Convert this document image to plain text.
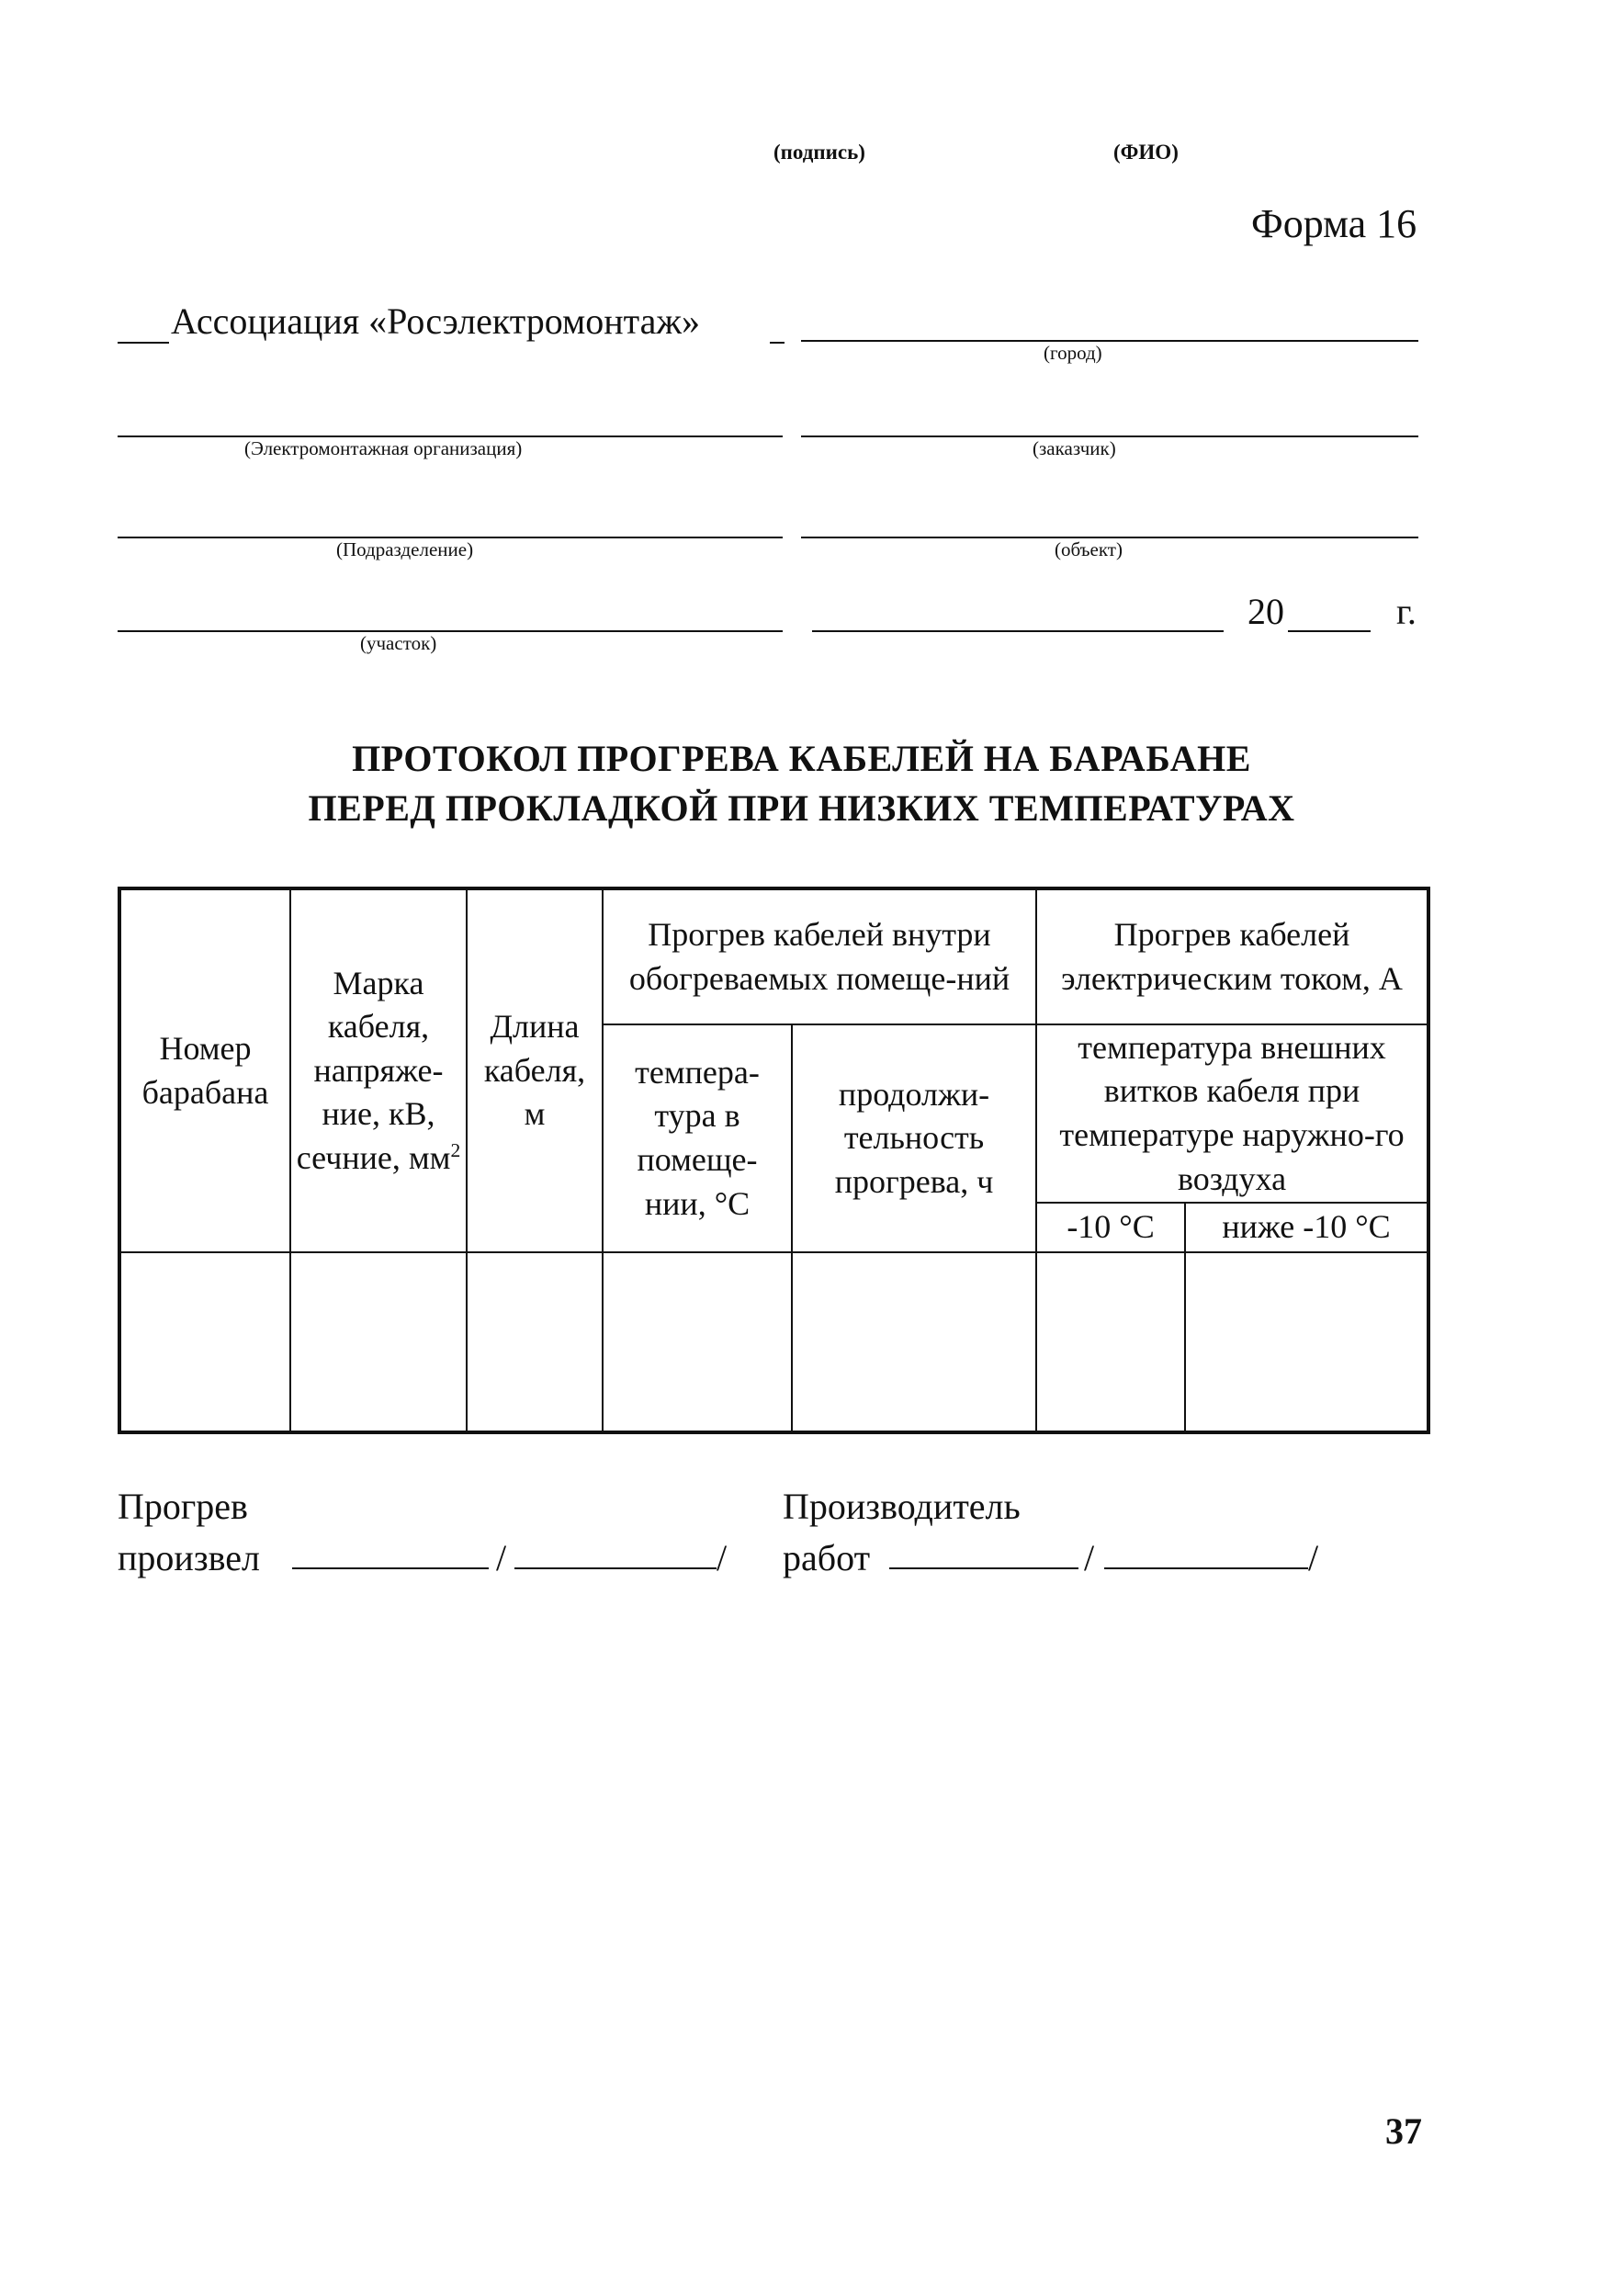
(подпись)	(ФИО)
Форма 16
Ассоциация «Росэлектромонтаж»
(город)
(Электромонтажная организация)	(заказчик)
(Подразделение)	(объект)
(участок)
20	г.
ПРОТОКОЛ ПРОГРЕВА КАБЕЛЕЙ НА БАРАБАНЕ
ПЕРЕД ПРОКЛАДКОЙ ПРИ НИЗКИХ ТЕМПЕРАТУРАХ
Номер барабана	Марка кабеля, напряже-ние, кВ, сечние, $мм^2$	Длина кабеля, м	Прогрев кабелей внутри обогреваемых помеще-ний		Прогрев кабелей электрическим током, А	
			темпера-тура в помеще-нии, °С	продолжи-тельность прогрева, ч	температура внешних витков кабеля при температуре наружно-го воздуха	
					-10 °С	ниже -10 °С

Прогрев
произвел	/	/
Производитель
работ	/	/
37
